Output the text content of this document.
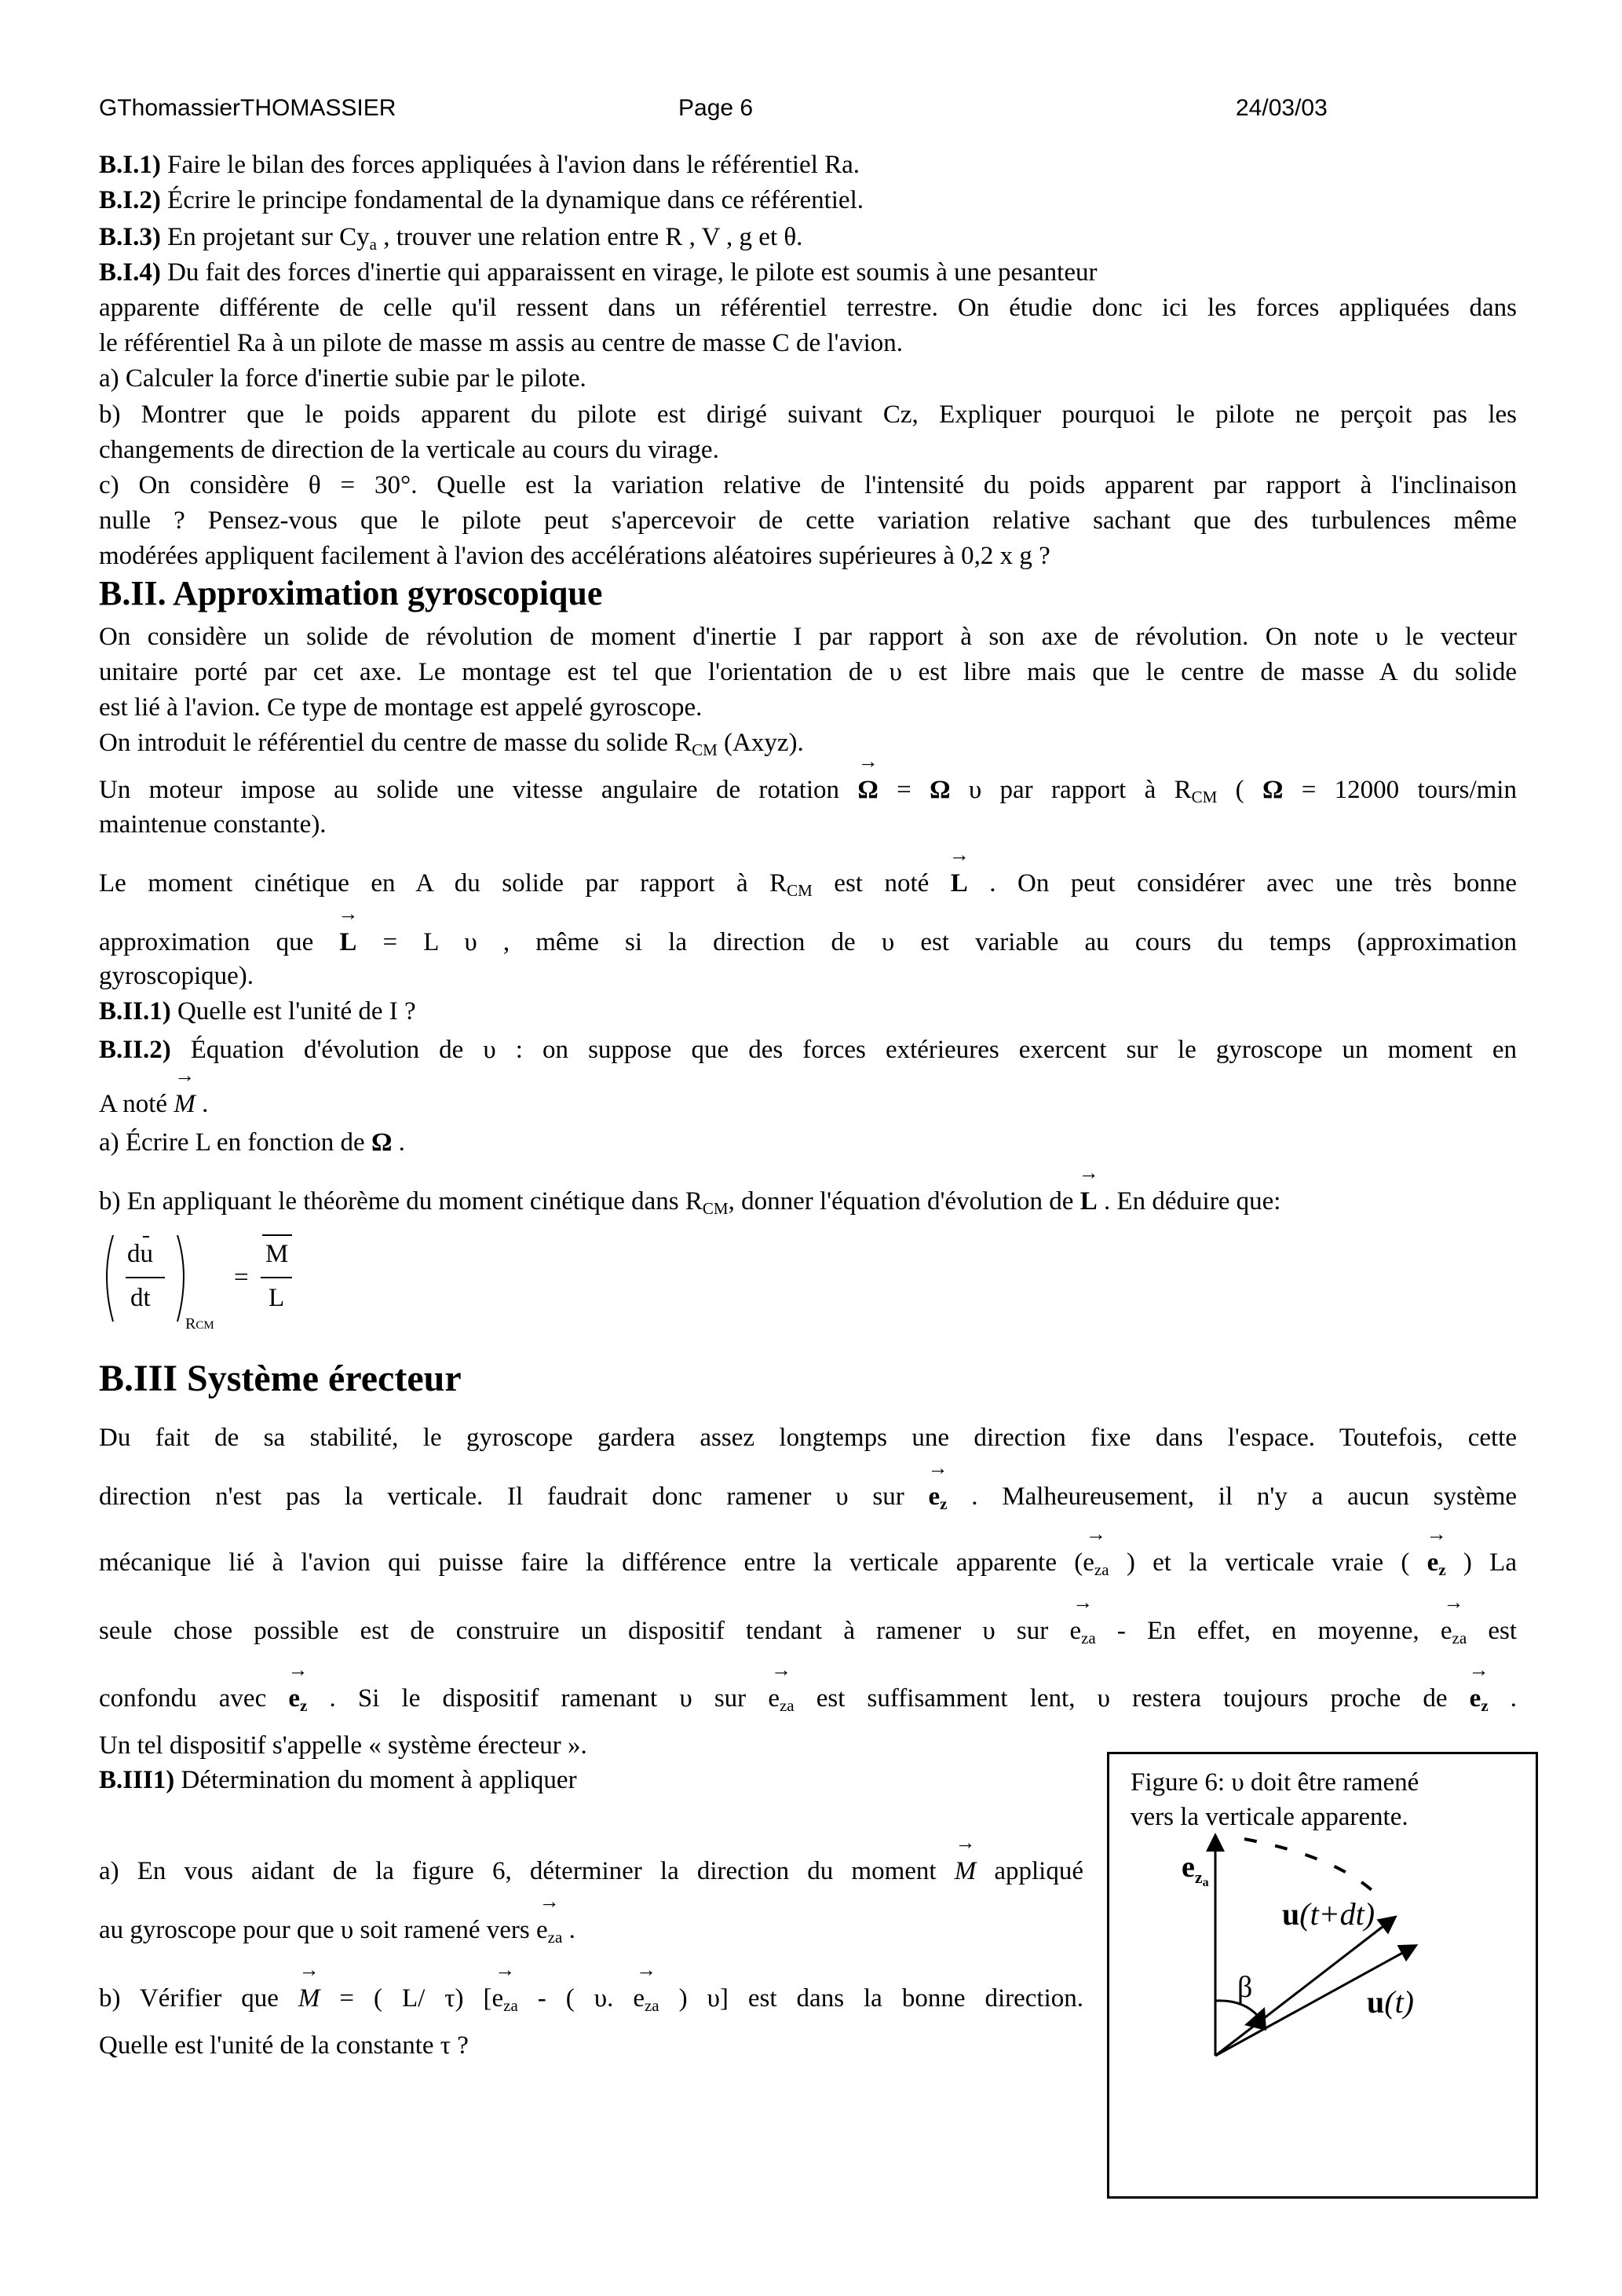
GThomassierTHOMASSIER	Page 6	24/03/03
B.I.1) Faire le bilan des forces appliquées à l'avion dans le référentiel Ra.
B.I.2) Écrire le principe fondamental de la dynamique dans ce référentiel.
B.I.3) En projetant sur $Cy_a$ , trouver une relation entre R , V , g et θ.
B.I.4) Du fait des forces d'inertie qui apparaissent en virage, le pilote est soumis à une pesanteur
apparente différente de celle qu'il ressent dans un référentiel terrestre. On étudie donc ici les forces appliquées dans
le référentiel Ra à un pilote de masse m assis au centre de masse C de l'avion.
a) Calculer la force d'inertie subie par le pilote.
b) Montrer que le poids apparent du pilote est dirigé suivant Cz, Expliquer pourquoi le pilote ne perçoit pas les
changements de direction de la verticale au cours du virage.
c) On considère θ = 30°. Quelle est la variation relative de l'intensité du poids apparent par rapport à l'inclinaison
nulle ? Pensez-vous que le pilote peut s'apercevoir de cette variation relative sachant que des turbulences même
modérées appliquent facilement à l'avion des accélérations aléatoires supérieures à 0,2 x g ?
B.II. Approximation gyroscopique
On considère un solide de révolution de moment d'inertie I par rapport à son axe de révolution. On note υ le vecteur
unitaire porté par cet axe. Le montage est tel que l'orientation de υ est libre mais que le centre de masse A du solide
est lié à l'avion. Ce type de montage est appelé gyroscope.
On introduit le référentiel du centre de masse du solide $R_{CM}$ (Axyz).
Un moteur impose au solide une vitesse angulaire de rotation
→
Ω = Ω υ par rapport à $R_{CM}$ ( Ω = 12000 tours/min
maintenue constante).
Le moment cinétique en A du solide par rapport à $R_{CM}$ est noté
→
L . On peut considérer avec une très bonne
approximation que
→
L = L υ , même si la direction de υ est variable au cours du temps (approximation
gyroscopique).
B.II.1) Quelle est l'unité de I ?
B.II.2) Équation d'évolution de υ : on suppose que des forces extérieures exercent sur le gyroscope un moment en
A noté
→
M .
a) Écrire L en fonction de Ω .
b) En appliquant le théorème du moment cinétique dans $R_{CM}$, donner l'équation d'évolution de
→
L . En déduire que:
du
dt
RCM
=
M
L
B.III Système érecteur
Du fait de sa stabilité, le gyroscope gardera assez longtemps une direction fixe dans l'espace. Toutefois, cette
direction n'est pas la verticale. Il faudrait donc ramener υ sur
→
$e_z$ . Malheureusement, il n'y a aucun système
mécanique lié à l'avion qui puisse faire la différence entre la verticale apparente (
→
$e_{za}$ ) et la verticale vraie (
→
$e_z$ ) La
seule chose possible est de construire un dispositif tendant à ramener υ sur
→
$e_{za}$ - En effet, en moyenne,
→
$e_{za}$ est
confondu avec
→
$e_z$ . Si le dispositif ramenant υ sur
→
$e_{za}$ est suffisamment lent, υ restera toujours proche de
→
$e_z$ .
Un tel dispositif s'appelle « système érecteur ».
B.III1) Détermination du moment à appliquer
a) En vous aidant de la figure 6, déterminer la direction du moment
→
M appliqué
au gyroscope pour que υ soit ramené vers
→
$e_{za}$ .
b) Vérifier que
→
M = ( L/ τ) [
→
$e_{za}$ - ( υ.
→
$e_{za}$ ) υ] est dans la bonne direction.
Quelle est l'unité de la constante τ ?
Figure 6: υ doit être ramené
vers la verticale apparente.
$e_{za}$
u(t+dt)
β	u(t)
